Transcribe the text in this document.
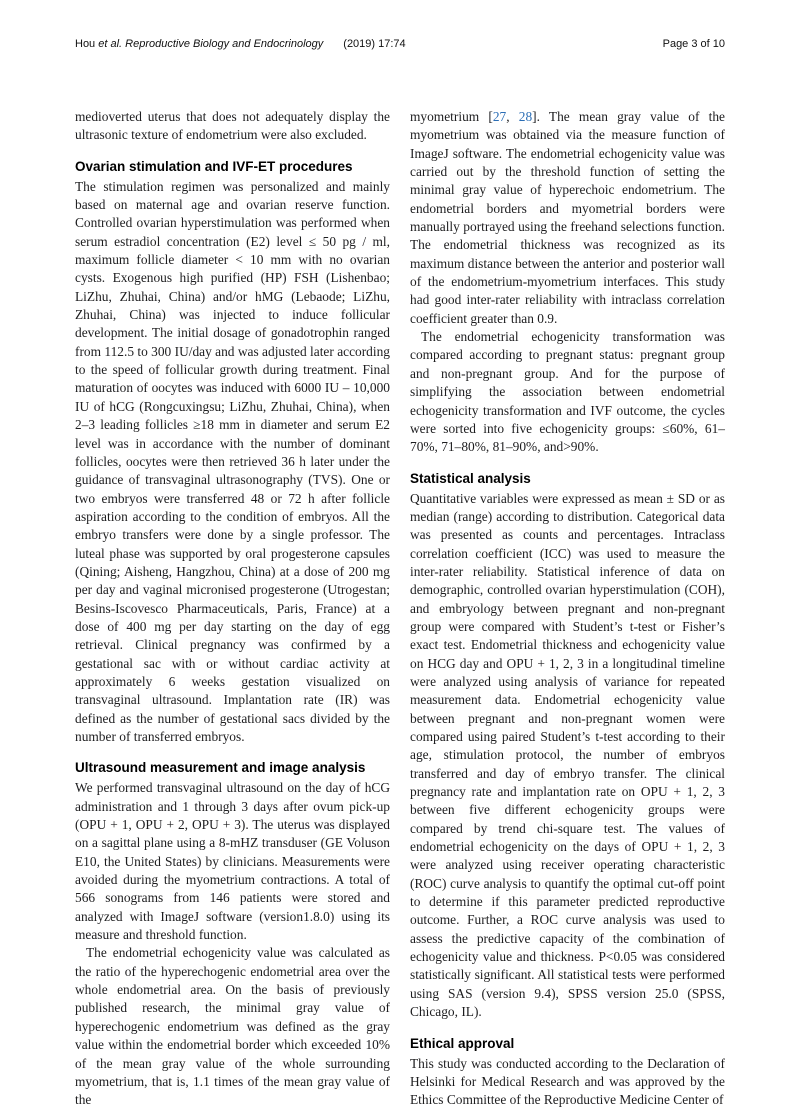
Hou et al. Reproductive Biology and Endocrinology (2019) 17:74	Page 3 of 10

medioverted uterus that does not adequately display the ultrasonic texture of endometrium were also excluded.

Ovarian stimulation and IVF-ET procedures

The stimulation regimen was personalized and mainly based on maternal age and ovarian reserve function. Controlled ovarian hyperstimulation was performed when serum estradiol concentration (E2) level ≤ 50 pg / ml, maximum follicle diameter < 10 mm with no ovarian cysts. Exogenous high purified (HP) FSH (Lishenbao; LiZhu, Zhuhai, China) and/or hMG (Lebaode; LiZhu, Zhuhai, China) was injected to induce follicular development. The initial dosage of gonadotrophin ranged from 112.5 to 300 IU/day and was adjusted later according to the speed of follicular growth during treatment. Final maturation of oocytes was induced with 6000 IU – 10,000 IU of hCG (Rongcuxingsu; LiZhu, Zhuhai, China), when 2–3 leading follicles ≥18 mm in diameter and serum E2 level was in accordance with the number of dominant follicles, oocytes were then retrieved 36 h later under the guidance of transvaginal ultrasonography (TVS). One or two embryos were transferred 48 or 72 h after follicle aspiration according to the condition of embryos. All the embryo transfers were done by a single professor. The luteal phase was supported by oral progesterone capsules (Qining; Aisheng, Hangzhou, China) at a dose of 200 mg per day and vaginal micronised progesterone (Utrogestan; Besins-Iscovesco Pharmaceuticals, Paris, France) at a dose of 400 mg per day starting on the day of egg retrieval. Clinical pregnancy was confirmed by a gestational sac with or without cardiac activity at approximately 6 weeks gestation visualized on transvaginal ultrasound. Implantation rate (IR) was defined as the number of gestational sacs divided by the number of transferred embryos.

Ultrasound measurement and image analysis

We performed transvaginal ultrasound on the day of hCG administration and 1 through 3 days after ovum pick-up (OPU + 1, OPU + 2, OPU + 3). The uterus was displayed on a sagittal plane using a 8-mHZ transduser (GE Voluson E10, the United States) by clinicians. Measurements were avoided during the myometrium contractions. A total of 566 sonograms from 146 patients were stored and analyzed with ImageJ software (version1.8.0) using its measure and threshold function.

The endometrial echogenicity value was calculated as the ratio of the hyperechogenic endometrial area over the whole endometrial area. On the basis of previously published research, the minimal gray value of hyperechogenic endometrium was defined as the gray value within the endometrial border which exceeded 10% of the mean gray value of the whole surrounding myometrium, that is, 1.1 times of the mean gray value of the

myometrium [27, 28]. The mean gray value of the myometrium was obtained via the measure function of ImageJ software. The endometrial echogenicity value was carried out by the threshold function of setting the minimal gray value of hyperechoic endometrium. The endometrial borders and myometrial borders were manually portrayed using the freehand selections function. The endometrial thickness was recognized as its maximum distance between the anterior and posterior wall of the endometrium-myometrium interfaces. This study had good inter-rater reliability with intraclass correlation coefficient greater than 0.9.

The endometrial echogenicity transformation was compared according to pregnant status: pregnant group and non-pregnant group. And for the purpose of simplifying the association between endometrial echogenicity transformation and IVF outcome, the cycles were sorted into five echogenicity groups: ≤60%, 61–70%, 71–80%, 81–90%, and>90%.

Statistical analysis

Quantitative variables were expressed as mean ± SD or as median (range) according to distribution. Categorical data was presented as counts and percentages. Intraclass correlation coefficient (ICC) was used to measure the inter-rater reliability. Statistical inference of data on demographic, controlled ovarian hyperstimulation (COH), and embryology between pregnant and non-pregnant group were compared with Student’s t-test or Fisher’s exact test. Endometrial thickness and echogenicity value on HCG day and OPU + 1, 2, 3 in a longitudinal timeline were analyzed using analysis of variance for repeated measurement data. Endometrial echogenicity value between pregnant and non-pregnant women were compared using paired Student’s t-test according to their age, stimulation protocol, the number of embryos transferred and day of embryo transfer. The clinical pregnancy rate and implantation rate on OPU + 1, 2, 3 between five different echogenicity groups were compared by trend chi-square test. The values of endometrial echogenicity on the days of OPU + 1, 2, 3 were analyzed using receiver operating characteristic (ROC) curve analysis to quantify the optimal cut-off point to determine if this parameter predicted reproductive outcome. Further, a ROC curve analysis was used to assess the predictive capacity of the combination of echogenicity value and thickness. P<0.05 was considered statistically significant. All statistical tests were performed using SAS (version 9.4), SPSS version 25.0 (SPSS, Chicago, IL).

Ethical approval

This study was conducted according to the Declaration of Helsinki for Medical Research and was approved by the Ethics Committee of the Reproductive Medicine Center of
